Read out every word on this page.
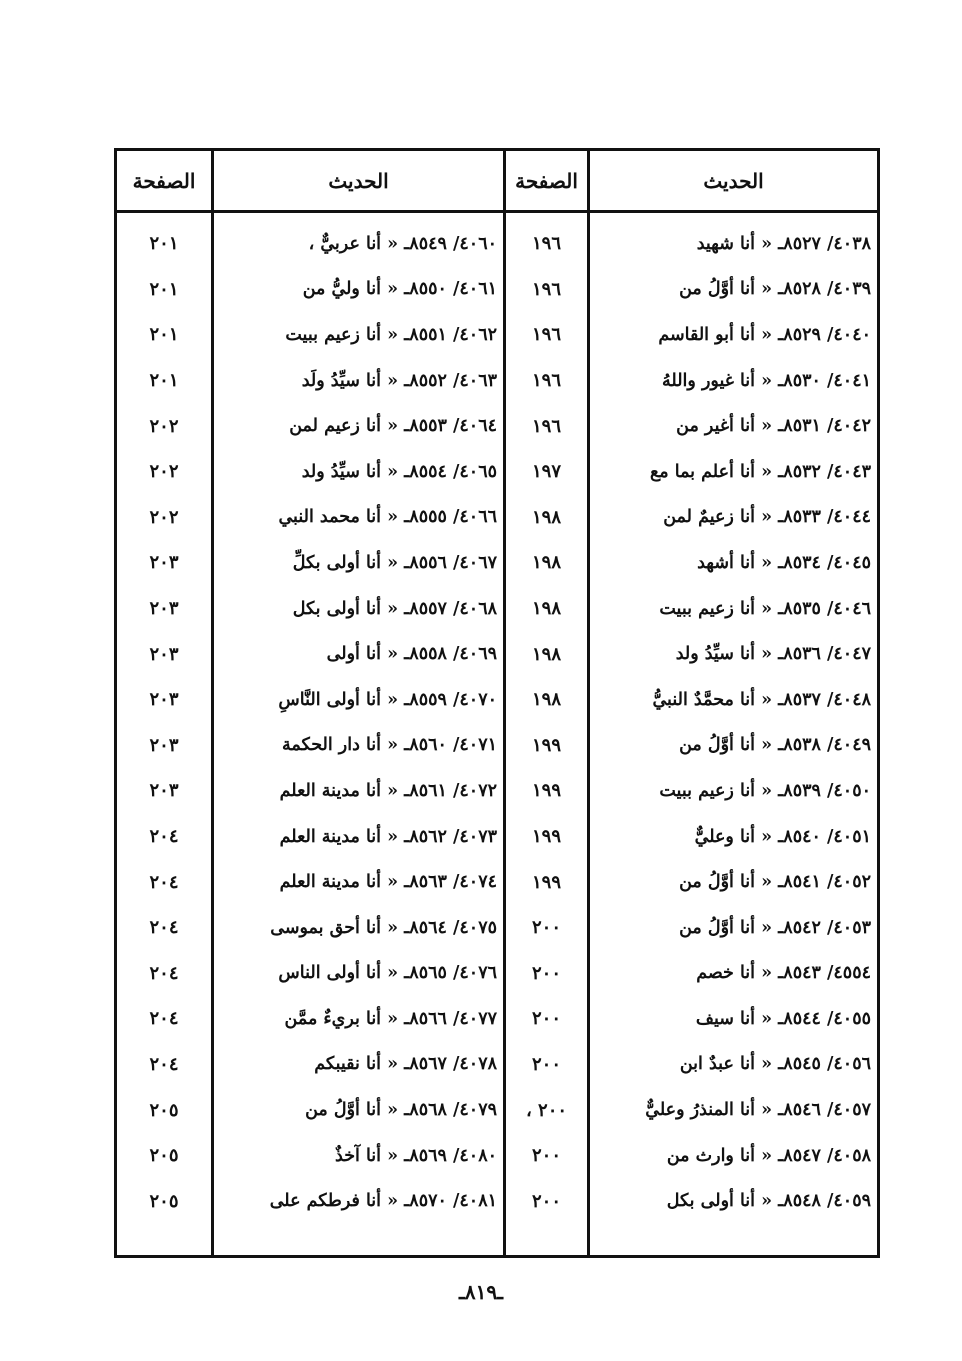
الحديث
٤٠٣٨/ ٨٥٢٧ـ « أنا شهيد
٤٠٣٩/ ٨٥٢٨ـ « أنا أوَّلُ من
٤٠٤٠/ ٨٥٢٩ـ « أنا أبو القاسم
٤٠٤١/ ٨٥٣٠ـ « أنا غيور واللهُ
٤٠٤٢/ ٨٥٣١ـ « أنا أغير من
٤٠٤٣/ ٨٥٣٢ـ « أنا أعلم بما مع
٤٠٤٤/ ٨٥٣٣ـ « أنا زعيمٌ لمن
٤٠٤٥/ ٨٥٣٤ـ « أنا أشهد
٤٠٤٦/ ٨٥٣٥ـ « أنا زعيم ببيت
٤٠٤٧/ ٨٥٣٦ـ « أنا سيِّدُ ولد
٤٠٤٨/ ٨٥٣٧ـ « أنا محمَّدٌ النبيُّ
٤٠٤٩/ ٨٥٣٨ـ « أنا أوَّلُ من
٤٠٥٠/ ٨٥٣٩ـ « أنا زعيم ببيت
٤٠٥١/ ٨٥٤٠ـ « أنا وعليٌّ
٤٠٥٢/ ٨٥٤١ـ « أنا أوَّلُ من
٤٠٥٣/ ٨٥٤٢ـ « أنا أوَّلُ من
٤٥٥٤/ ٨٥٤٣ـ « أنا خصم
٤٠٥٥/ ٨٥٤٤ـ « أنا سيف
٤٠٥٦/ ٨٥٤٥ـ « أنا عبدٌ ابن
٤٠٥٧/ ٨٥٤٦ـ « أنا المنذرُ وعليٌّ
٤٠٥٨/ ٨٥٤٧ـ « أنا وارث من
٤٠٥٩/ ٨٥٤٨ـ « أنا أولى بكل
الصفحة
١٩٦
١٩٦
١٩٦
١٩٦
١٩٦
١٩٧
١٩٨
١٩٨
١٩٨
١٩٨
١٩٨
١٩٩
١٩٩
١٩٩
١٩٩
٢٠٠
٢٠٠
٢٠٠
٢٠٠
٢٠٠ ،
٢٠٠
٢٠٠
الحديث
٤٠٦٠/ ٨٥٤٩ـ « أنا عربيٌّ ،
٤٠٦١/ ٨٥٥٠ـ « أنا وليُّ من
٤٠٦٢/ ٨٥٥١ـ « أنا زعيم ببيت
٤٠٦٣/ ٨٥٥٢ـ « أنا سيِّدُ ولَد
٤٠٦٤/ ٨٥٥٣ـ « أنا زعيم لمن
٤٠٦٥/ ٨٥٥٤ـ « أنا سيِّدُ ولد
٤٠٦٦/ ٨٥٥٥ـ « أنا محمد النبي
٤٠٦٧/ ٨٥٥٦ـ « أنا أولى بكلِّ
٤٠٦٨/ ٨٥٥٧ـ « أنا أولى بكل
٤٠٦٩/ ٨٥٥٨ـ « أنا أولى
٤٠٧٠/ ٨٥٥٩ـ « أنا أولى النَّاسِ
٤٠٧١/ ٨٥٦٠ـ « أنا دار الحكمة
٤٠٧٢/ ٨٥٦١ـ « أنا مدينة العلم
٤٠٧٣/ ٨٥٦٢ـ « أنا مدينة العلم
٤٠٧٤/ ٨٥٦٣ـ « أنا مدينة العلم
٤٠٧٥/ ٨٥٦٤ـ « أنا أحق بموسى
٤٠٧٦/ ٨٥٦٥ـ « أنا أولى الناس
٤٠٧٧/ ٨٥٦٦ـ « أنا بريءٌ ممَّن
٤٠٧٨/ ٨٥٦٧ـ « أنا نقيبكم
٤٠٧٩/ ٨٥٦٨ـ « أنا أوَّلُ من
٤٠٨٠/ ٨٥٦٩ـ « أنا آخذٌ
٤٠٨١/ ٨٥٧٠ـ « أنا فرطكم على
الصفحة
٢٠١
٢٠١
٢٠١
٢٠١
٢٠٢
٢٠٢
٢٠٢
٢٠٣
٢٠٣
٢٠٣
٢٠٣
٢٠٣
٢٠٣
٢٠٤
٢٠٤
٢٠٤
٢٠٤
٢٠٤
٢٠٤
٢٠٥
٢٠٥
٢٠٥
ـ٨١٩ـ
